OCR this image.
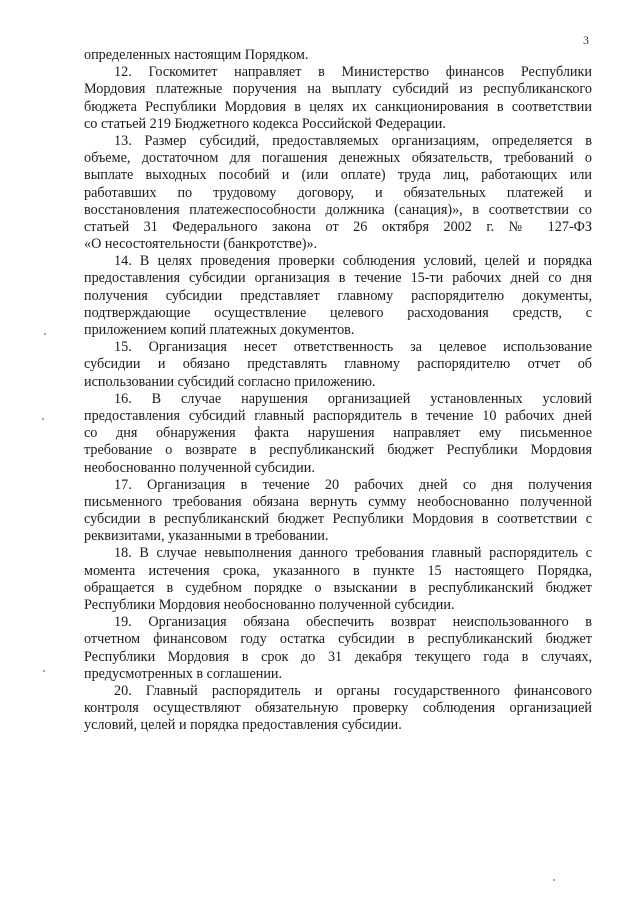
3
определенных настоящим Порядком.
12. Госкомитет направляет в Министерство финансов Республики
Мордовия платежные поручения на выплату субсидий из республиканского
бюджета Республики Мордовия в целях их санкционирования в соответствии
со статьей 219 Бюджетного кодекса Российской Федерации.
13. Размер субсидий, предоставляемых организациям, определяется в
объеме, достаточном для погашения денежных обязательств, требований о
выплате выходных пособий и (или оплате) труда лиц, работающих или
работавших по трудовому договору, и обязательных платежей и
восстановления платежеспособности должника (санация)», в соответствии со
статьей 31 Федерального закона от 26 октября 2002 г. № 127-ФЗ
«О несостоятельности (банкротстве)».
14. В целях проведения проверки соблюдения условий, целей и порядка
предоставления субсидии организация в течение 15-ти рабочих дней со дня
получения субсидии представляет главному распорядителю документы,
подтверждающие осуществление целевого расходования средств, с
приложением копий платежных документов.
15. Организация несет ответственность за целевое использование
субсидии и обязано представлять главному распорядителю отчет об
использовании субсидий согласно приложению.
16. В случае нарушения организацией установленных условий
предоставления субсидий главный распорядитель в течение 10 рабочих дней
со дня обнаружения факта нарушения направляет ему письменное
требование о возврате в республиканский бюджет Республики Мордовия
необоснованно полученной субсидии.
17. Организация в течение 20 рабочих дней со дня получения
письменного требования обязана вернуть сумму необоснованно полученной
субсидии в республиканский бюджет Республики Мордовия в соответствии с
реквизитами, указанными в требовании.
18. В случае невыполнения данного требования главный распорядитель с
момента истечения срока, указанного в пункте 15 настоящего Порядка,
обращается в судебном порядке о взыскании в республиканский бюджет
Республики Мордовия необоснованно полученной субсидии.
19. Организация обязана обеспечить возврат неиспользованного в
отчетном финансовом году остатка субсидии в республиканский бюджет
Республики Мордовия в срок до 31 декабря текущего года в случаях,
предусмотренных в соглашении.
20. Главный распорядитель и органы государственного финансового
контроля осуществляют обязательную проверку соблюдения организацией
условий, целей и порядка предоставления субсидии.
